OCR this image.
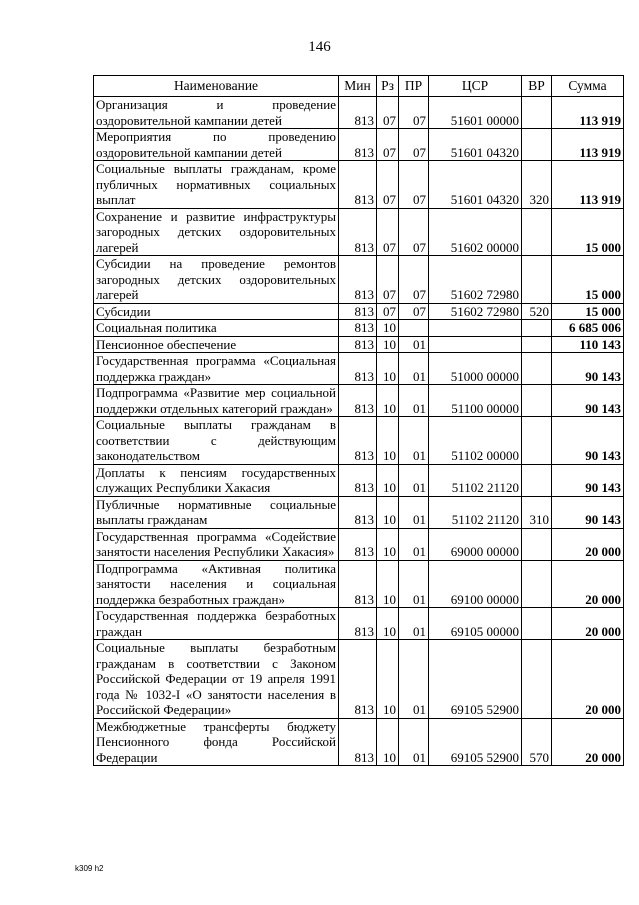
146
Наименование	Мин	Рз	ПР	ЦСР	ВР	Сумма
Организация и проведение оздоровительной кампании детей	813	07	07	51601 00000		113 919
Мероприятия по проведению оздоровительной кампании детей	813	07	07	51601 04320		113 919
Социальные выплаты гражданам, кроме публичных нормативных социальных выплат	813	07	07	51601 04320	320	113 919
Сохранение и развитие инфраструктуры загородных детских оздоровительных лагерей	813	07	07	51602 00000		15 000
Субсидии на проведение ремонтов загородных детских оздоровительных лагерей	813	07	07	51602 72980		15 000
Субсидии	813	07	07	51602 72980	520	15 000
Социальная политика	813	10				6 685 006
Пенсионное обеспечение	813	10	01			110 143
Государственная программа «Социальная поддержка граждан»	813	10	01	51000 00000		90 143
Подпрограмма «Развитие мер социальной поддержки отдельных категорий граждан»	813	10	01	51100 00000		90 143
Социальные выплаты гражданам в соответствии с действующим законодательством	813	10	01	51102 00000		90 143
Доплаты к пенсиям государственных служащих Республики Хакасия	813	10	01	51102 21120		90 143
Публичные нормативные социальные выплаты гражданам	813	10	01	51102 21120	310	90 143
Государственная программа «Содействие занятости населения Республики Хакасия»	813	10	01	69000 00000		20 000
Подпрограмма «Активная политика занятости населения и социальная поддержка безработных граждан»	813	10	01	69100 00000		20 000
Государственная поддержка безработных граждан	813	10	01	69105 00000		20 000
Социальные выплаты безработным гражданам в соответствии с Законом Российской Федерации от 19 апреля 1991 года № 1032-I «О занятости населения в Российской Федерации»	813	10	01	69105 52900		20 000
Межбюджетные трансферты бюджету Пенсионного фонда Российской Федерации	813	10	01	69105 52900	570	20 000
k309 h2
